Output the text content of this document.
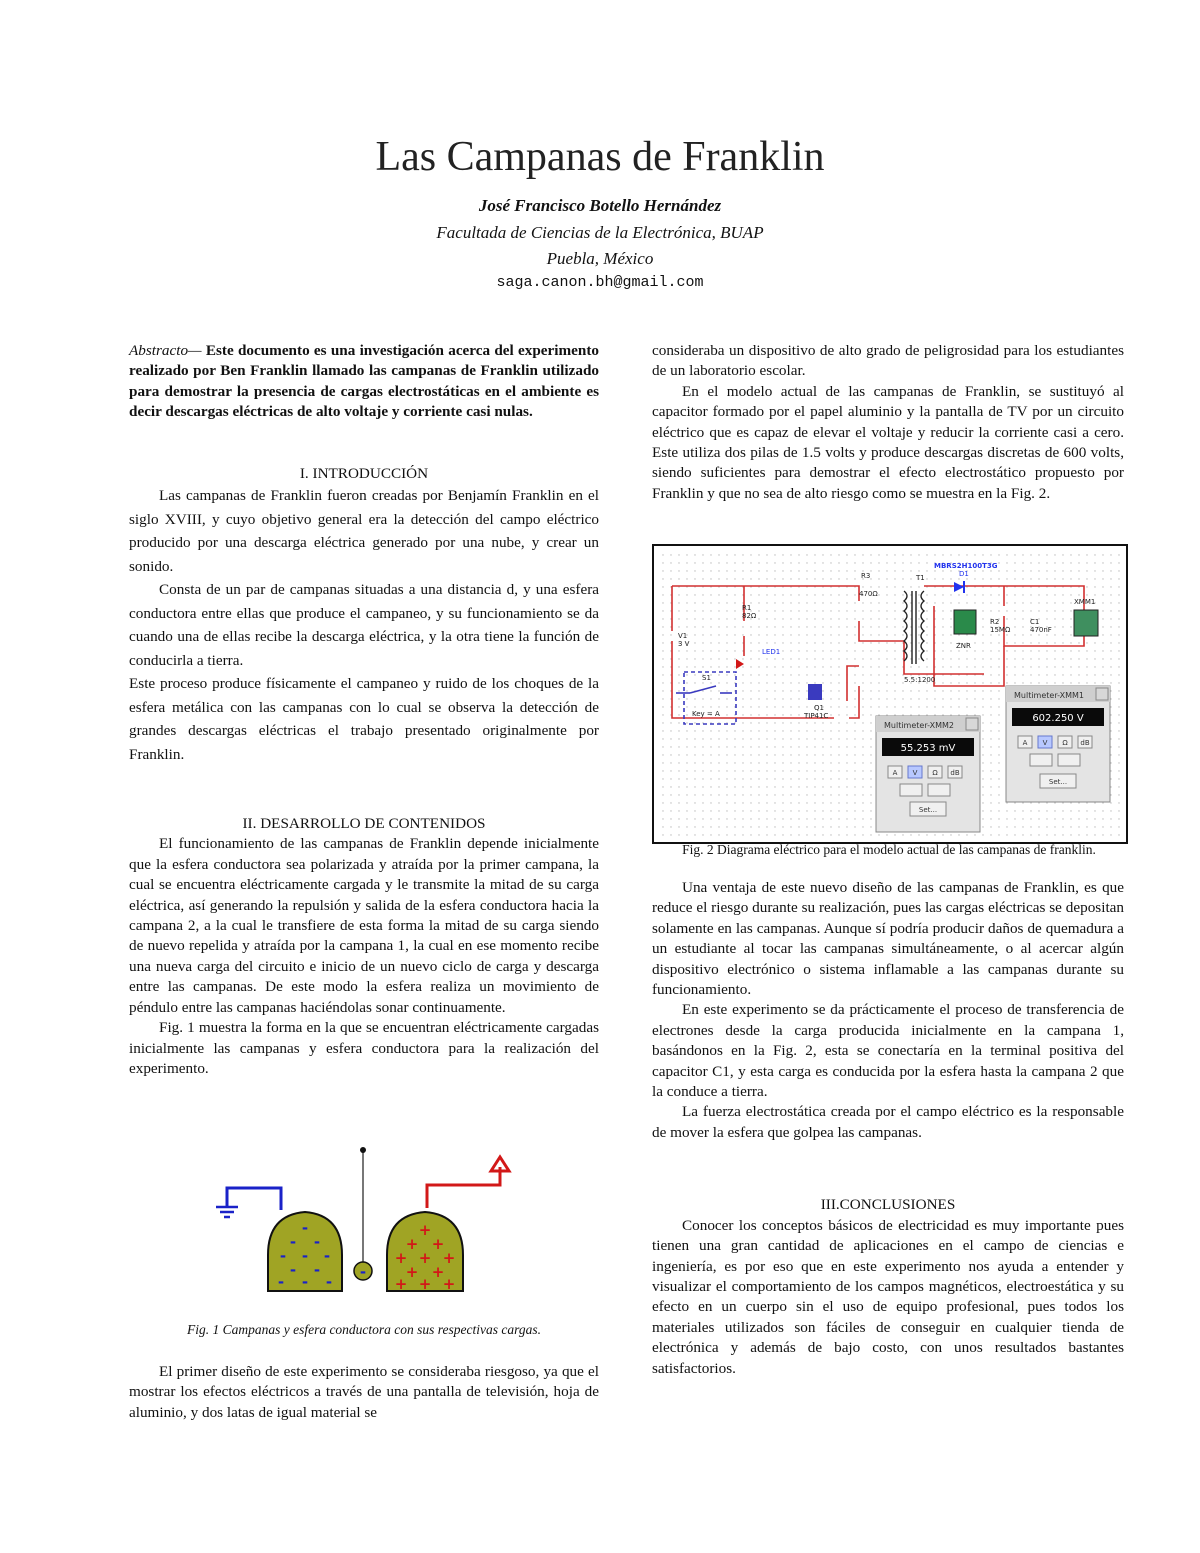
Las Campanas de Franklin
José Francisco Botello Hernández
Facultada de Ciencias de la Electrónica, BUAP
Puebla, México
saga.canon.bh@gmail.com

Abstracto— Este documento es una investigación acerca del experimento realizado por Ben Franklin llamado las campanas de Franklin utilizado para demostrar la presencia de cargas electrostáticas en el ambiente es decir descargas eléctricas de alto voltaje y corriente casi nulas.

I. INTRODUCCIÓN

Las campanas de Franklin fueron creadas por Benjamín Franklin en el siglo XVIII, y cuyo objetivo general era la detección del campo eléctrico producido por una descarga eléctrica generado por una nube, y crear un sonido.

Consta de un par de campanas situadas a una distancia d, y una esfera conductora entre ellas que produce el campaneo, y su funcionamiento se da cuando una de ellas recibe la descarga eléctrica, y la otra tiene la función de conducirla a tierra.

Este proceso produce físicamente el campaneo y ruido de los choques de la esfera metálica con las campanas con lo cual se observa la detección de grandes descargas eléctricas el trabajo presentado originalmente por Franklin.

II. DESARROLLO DE CONTENIDOS

El funcionamiento de las campanas de Franklin depende inicialmente que la esfera conductora sea polarizada y atraída por la primer campana, la cual se encuentra eléctricamente cargada y le transmite la mitad de su carga eléctrica, así generando la repulsión y salida de la esfera conductora hacia la campana 2, a la cual le transfiere de esta forma la mitad de su carga siendo de nuevo repelida y atraída por la campana 1, la cual en ese momento recibe una nueva carga del circuito e inicio de un nuevo ciclo de carga y descarga entre las campanas. De este modo la esfera realiza un movimiento de péndulo entre las campanas haciéndolas sonar continuamente.

Fig. 1 muestra la forma en la que se encuentran eléctricamente cargadas inicialmente las campanas y esfera conductora para la realización del experimento.

-
- -
- - -
- -
- - -
-
+
+ +
+ + +
+ +
+ + +
Fig. 1 Campanas y esfera conductora con sus respectivas cargas.

El primer diseño de este experimento se consideraba riesgoso, ya que el mostrar los efectos eléctricos a través de una pantalla de televisión, hoja de aluminio, y dos latas de igual material se

consideraba un dispositivo de alto grado de peligrosidad para los estudiantes de un laboratorio escolar.

En el modelo actual de las campanas de Franklin, se sustituyó al capacitor formado por el papel aluminio y la pantalla de TV por un circuito eléctrico que es capaz de elevar el voltaje y reducir la corriente casi a cero. Este utiliza dos pilas de 1.5 volts y produce descargas discretas de 600 volts, siendo suficientes para demostrar el efecto electrostático propuesto por Franklin y que no sea de alto riesgo como se muestra en la Fig. 2.

MBRS2H100T3G
D1
R3
470Ω
T1
R1
82Ω
LED1
V1
3 V
S1
Key = A
Q1
TIP41C
5.5:1200
R2
15MΩ
C1
470nF
XMM1
ZNR
Multimeter-XMM2
55.253 mV
A V Ω dB
Set...
Multimeter-XMM1
602.250 V
A V Ω dB
Set...
Fig. 2 Diagrama eléctrico para el modelo actual de las campanas de franklin.

Una ventaja de este nuevo diseño de las campanas de Franklin, es que reduce el riesgo durante su realización, pues las cargas eléctricas se depositan solamente en las campanas. Aunque sí podría producir daños de quemadura a un estudiante al tocar las campanas simultáneamente, o al acercar algún dispositivo electrónico o sistema inflamable a las campanas durante su funcionamiento.

En este experimento se da prácticamente el proceso de transferencia de electrones desde la carga producida inicialmente en la campana 1, basándonos en la Fig. 2, esta se conectaría en la terminal positiva del capacitor C1, y esta carga es conducida por la esfera hasta la campana 2 que la conduce a tierra.

La fuerza electrostática creada por el campo eléctrico es la responsable de mover la esfera que golpea las campanas.

III.CONCLUSIONES

Conocer los conceptos básicos de electricidad es muy importante pues tienen una gran cantidad de aplicaciones en el campo de ciencias e ingeniería, es por eso que en este experimento nos ayuda a entender y visualizar el comportamiento de los campos magnéticos, electroestática y su efecto en un cuerpo sin el uso de equipo profesional, pues todos los materiales utilizados son fáciles de conseguir en cualquier tienda de electrónica y además de bajo costo, con unos resultados bastantes satisfactorios.
